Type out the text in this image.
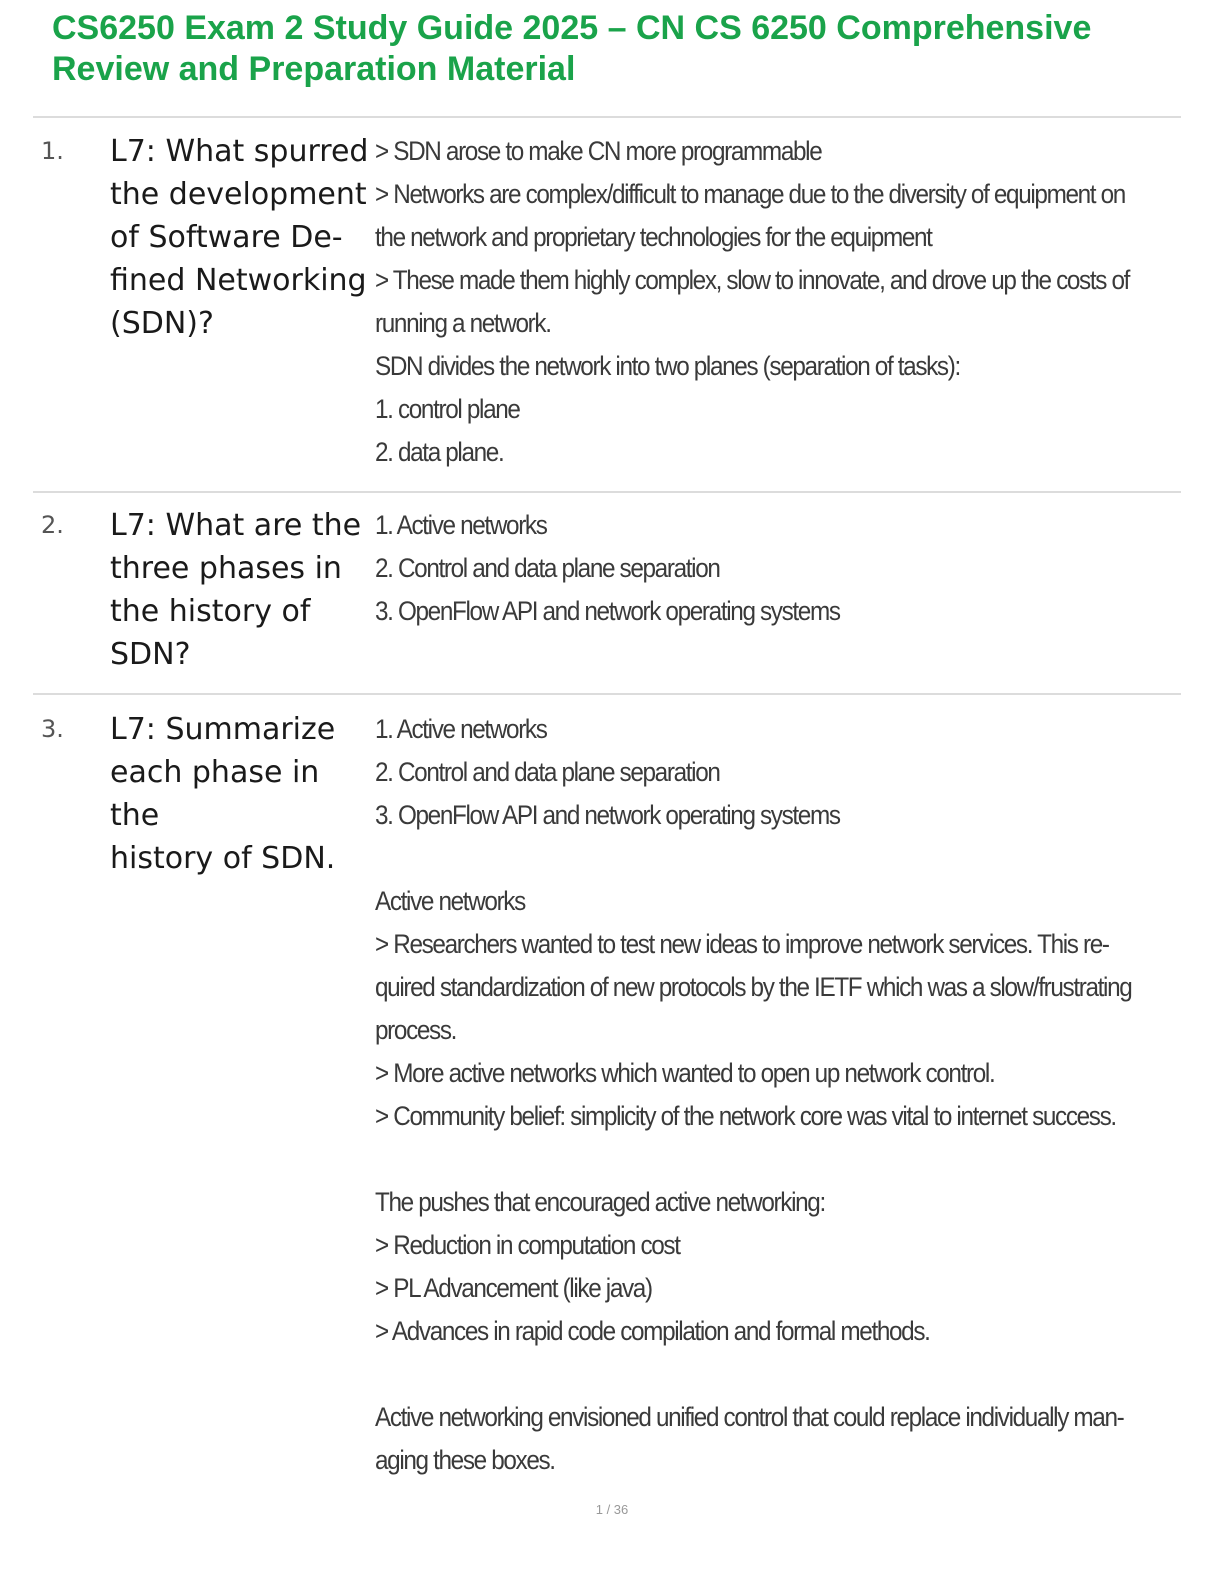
CS6250 Exam 2 Study Guide 2025 – CN CS 6250 Comprehensive Review and Preparation Material
1. L7: What spurred
the development
of Software De-
fined Networking
(SDN)?
> SDN arose to make CN more programmable
> Networks are complex/difficult to manage due to the diversity of equipment on
the network and proprietary technologies for the equipment
> These made them highly complex, slow to innovate, and drove up the costs of
running a network.
SDN divides the network into two planes (separation of tasks):
1. control plane
2. data plane.
2. L7: What are the
three phases in
the history of
SDN?
1. Active networks
2. Control and data plane separation
3. OpenFlow API and network operating systems
3. L7: Summarize
each phase in the
history of SDN.
1. Active networks
2. Control and data plane separation
3. OpenFlow API and network operating systems
Active networks
> Researchers wanted to test new ideas to improve network services. This re-
quired standardization of new protocols by the IETF which was a slow/frustrating
process.
> More active networks which wanted to open up network control.
> Community belief: simplicity of the network core was vital to internet success.
The pushes that encouraged active networking:
> Reduction in computation cost
> PL Advancement (like java)
> Advances in rapid code compilation and formal methods.
Active networking envisioned unified control that could replace individually man-
aging these boxes.
1 / 36
